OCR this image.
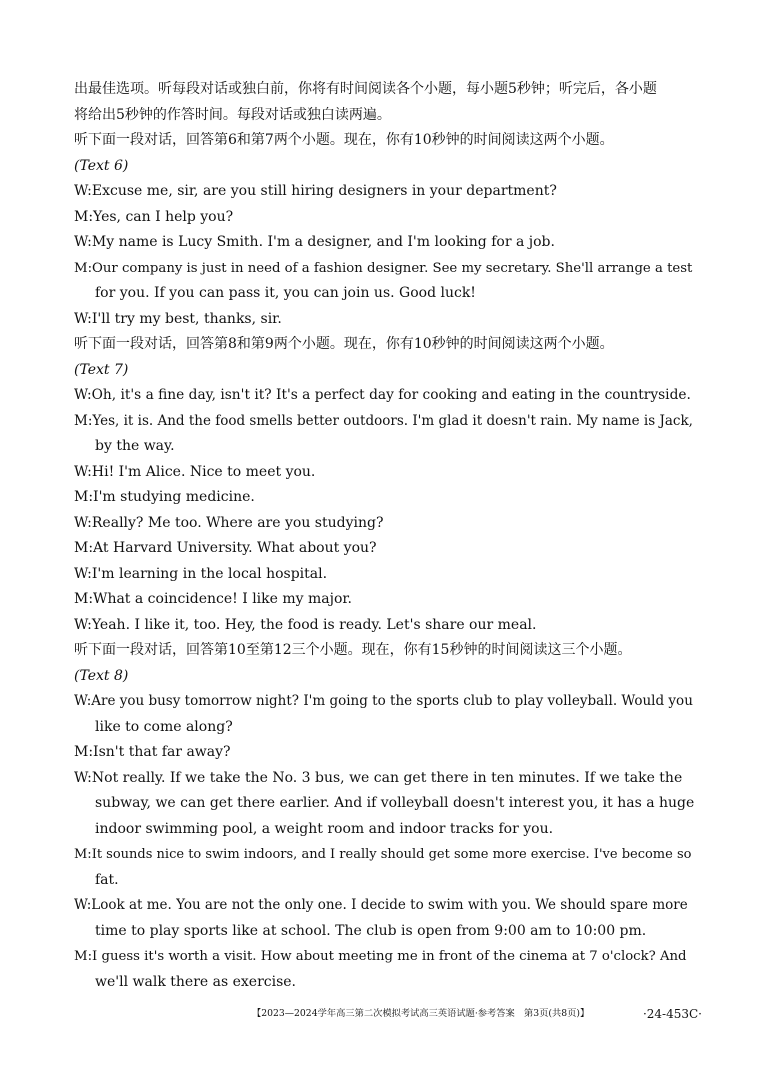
出最佳选项。听每段对话或独白前，你将有时间阅读各个小题，每小题5秒钟；听完后，各小题
将给出5秒钟的作答时间。每段对话或独白读两遍。
听下面一段对话，回答第6和第7两个小题。现在，你有10秒钟的时间阅读这两个小题。
(Text 6)
W:Excuse me, sir, are you still hiring designers in your department?
M:Yes, can I help you?
W:My name is Lucy Smith. I'm a designer, and I'm looking for a job.
M:Our company is just in need of a fashion designer. See my secretary. She'll arrange a test
for you. If you can pass it, you can join us. Good luck!
W:I'll try my best, thanks, sir.
听下面一段对话，回答第8和第9两个小题。现在，你有10秒钟的时间阅读这两个小题。
(Text 7)
W:Oh, it's a fine day, isn't it? It's a perfect day for cooking and eating in the countryside.
M:Yes, it is. And the food smells better outdoors. I'm glad it doesn't rain. My name is Jack,
by the way.
W:Hi! I'm Alice. Nice to meet you.
M:I'm studying medicine.
W:Really? Me too. Where are you studying?
M:At Harvard University. What about you?
W:I'm learning in the local hospital.
M:What a coincidence! I like my major.
W:Yeah. I like it, too. Hey, the food is ready. Let's share our meal.
听下面一段对话，回答第10至第12三个小题。现在，你有15秒钟的时间阅读这三个小题。
(Text 8)
W:Are you busy tomorrow night? I'm going to the sports club to play volleyball. Would you
like to come along?
M:Isn't that far away?
W:Not really. If we take the No. 3 bus, we can get there in ten minutes. If we take the
subway, we can get there earlier. And if volleyball doesn't interest you, it has a huge
indoor swimming pool, a weight room and indoor tracks for you.
M:It sounds nice to swim indoors, and I really should get some more exercise. I've become so
fat.
W:Look at me. You are not the only one. I decide to swim with you. We should spare more
time to play sports like at school. The club is open from 9:00 am to 10:00 pm.
M:I guess it's worth a visit. How about meeting me in front of the cinema at 7 o'clock? And
we'll walk there as exercise.
【2023—2024学年高三第二次模拟考试高三英语试题·参考答案　第3页(共8页)】	·24-453C·
